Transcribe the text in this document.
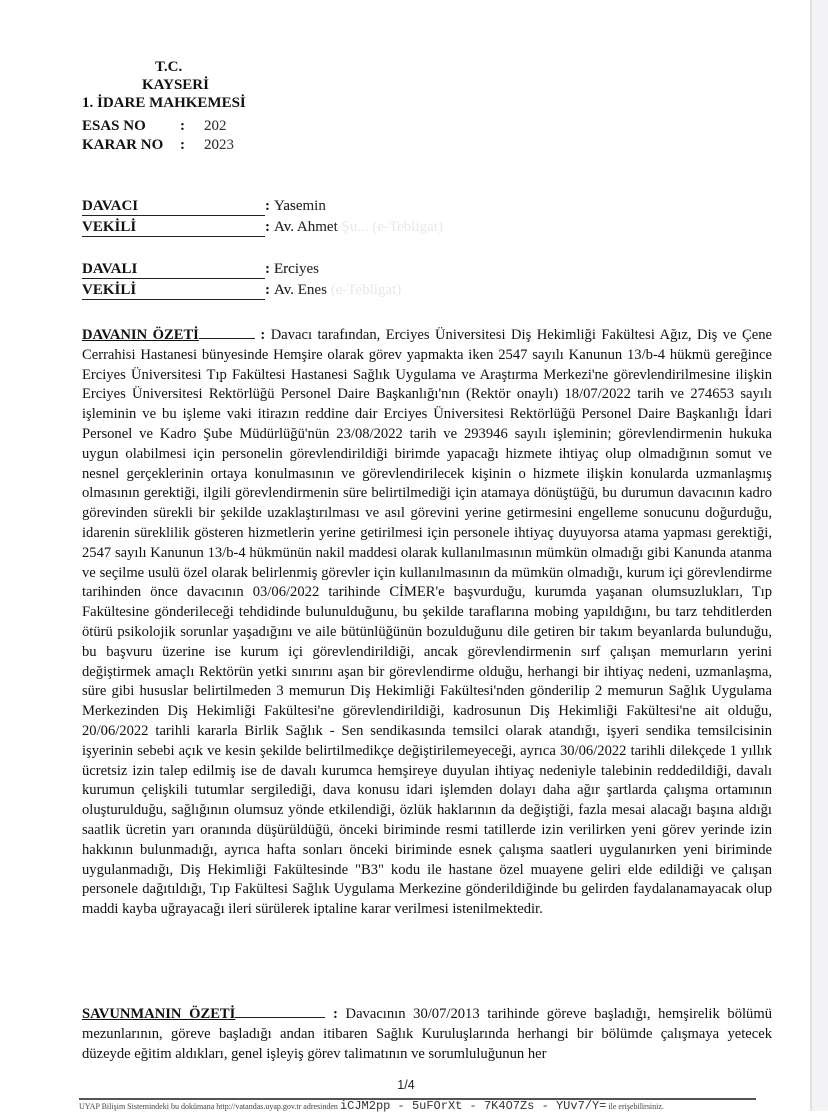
T.C.
KAYSERİ
1. İDARE MAHKEMESİ
ESAS NO	:	202
KARAR NO	:	2023
DAVACI	: Yasemin
VEKİLİ	: Av. Ahmet
Şu... (e-Tebligat)
DAVALI	: Erciyes
VEKİLİ	: Av. Enes
(e-Tebligat)
DAVANIN ÖZETİ	: Davacı tarafından, Erciyes Üniversitesi Diş Hekimliği Fakültesi Ağız, Diş ve Çene Cerrahisi Hastanesi bünyesinde Hemşire olarak görev yapmakta iken 2547 sayılı Kanunun 13/b-4 hükmü gereğince Erciyes Üniversitesi Tıp Fakültesi Hastanesi Sağlık Uygulama ve Araştırma Merkezi'ne görevlendirilmesine ilişkin Erciyes Üniversitesi Rektörlüğü Personel Daire Başkanlığı'nın (Rektör onaylı) 18/07/2022 tarih ve 274653 sayılı işleminin ve bu işleme vaki itirazın reddine dair Erciyes Üniversitesi Rektörlüğü Personel Daire Başkanlığı İdari Personel ve Kadro Şube Müdürlüğü'nün 23/08/2022 tarih ve 293946 sayılı işleminin; görevlendirmenin hukuka uygun olabilmesi için personelin görevlendirildiği birimde yapacağı hizmete ihtiyaç olup olmadığının somut ve nesnel gerçeklerinin ortaya konulmasının ve görevlendirilecek kişinin o hizmete ilişkin konularda uzmanlaşmış olmasının gerektiği, ilgili görevlendirmenin süre belirtilmediği için atamaya dönüştüğü, bu durumun davacının kadro görevinden sürekli bir şekilde uzaklaştırılması ve asıl görevini yerine getirmesini engelleme sonucunu doğurduğu, idarenin süreklilik gösteren hizmetlerin yerine getirilmesi için personele ihtiyaç duyuyorsa atama yapması gerektiği, 2547 sayılı Kanunun 13/b-4 hükmünün nakil maddesi olarak kullanılmasının mümkün olmadığı gibi Kanunda atanma ve seçilme usulü özel olarak belirlenmiş görevler için kullanılmasının da mümkün olmadığı, kurum içi görevlendirme tarihinden önce davacının 03/06/2022 tarihinde CİMER'e başvurduğu, kurumda yaşanan olumsuzlukları, Tıp Fakültesine gönderileceği tehdidinde bulunulduğunu, bu şekilde taraflarına mobing yapıldığını, bu tarz tehditlerden ötürü psikolojik sorunlar yaşadığını ve aile bütünlüğünün bozulduğunu dile getiren bir takım beyanlarda bulunduğu, bu başvuru üzerine ise kurum içi görevlendirildiği, ancak görevlendirmenin sırf çalışan memurların yerini değiştirmek amaçlı Rektörün yetki sınırını aşan bir görevlendirme olduğu, herhangi bir ihtiyaç nedeni, uzmanlaşma, süre gibi hususlar belirtilmeden 3 memurun Diş Hekimliği Fakültesi'nden gönderilip 2 memurun Sağlık Uygulama Merkezinden Diş Hekimliği Fakültesi'ne görevlendirildiği, kadrosunun Diş Hekimliği Fakültesi'ne ait olduğu, 20/06/2022 tarihli kararla Birlik Sağlık - Sen sendikasında temsilci olarak atandığı, işyeri sendika temsilcisinin işyerinin sebebi açık ve kesin şekilde belirtilmedikçe değiştirilemeyeceği, ayrıca 30/06/2022 tarihli dilekçede 1 yıllık ücretsiz izin talep edilmiş ise de davalı kurumca hemşireye duyulan ihtiyaç nedeniyle talebinin reddedildiği, davalı kurumun çelişkili tutumlar sergilediği, dava konusu idari işlemden dolayı daha ağır şartlarda çalışma ortamının oluşturulduğu, sağlığının olumsuz yönde etkilendiği, özlük haklarının da değiştiği, fazla mesai alacağı başına aldığı saatlik ücretin yarı oranında düşürüldüğü, önceki biriminde resmi tatillerde izin verilirken yeni görev yerinde izin hakkının bulunmadığı, ayrıca hafta sonları önceki biriminde esnek çalışma saatleri uygulanırken yeni biriminde uygulanmadığı, Diş Hekimliği Fakültesinde "B3" kodu ile hastane özel muayene geliri elde edildiği ve çalışan personele dağıtıldığı, Tıp Fakültesi Sağlık Uygulama Merkezine gönderildiğinde bu gelirden faydalanamayacak olup maddi kayba uğrayacağı ileri sürülerek iptaline karar verilmesi istenilmektedir.
SAVUNMANIN ÖZETİ	: Davacının 30/07/2013 tarihinde göreve başladığı, hemşirelik bölümü mezunlarının, göreve başladığı andan itibaren Sağlık Kuruluşlarında herhangi bir bölümde çalışmaya yetecek düzeyde eğitim aldıkları, genel işleyiş görev talimatının ve sorumluluğunun her
1/4
UYAP Bilişim Sistemindeki bu dokümana http://vatandas.uyap.gov.tr adresinden iCJM2pp - 5uFOrXt - 7K4O7Zs - YUv7/Y= ile erişebilirsiniz.
